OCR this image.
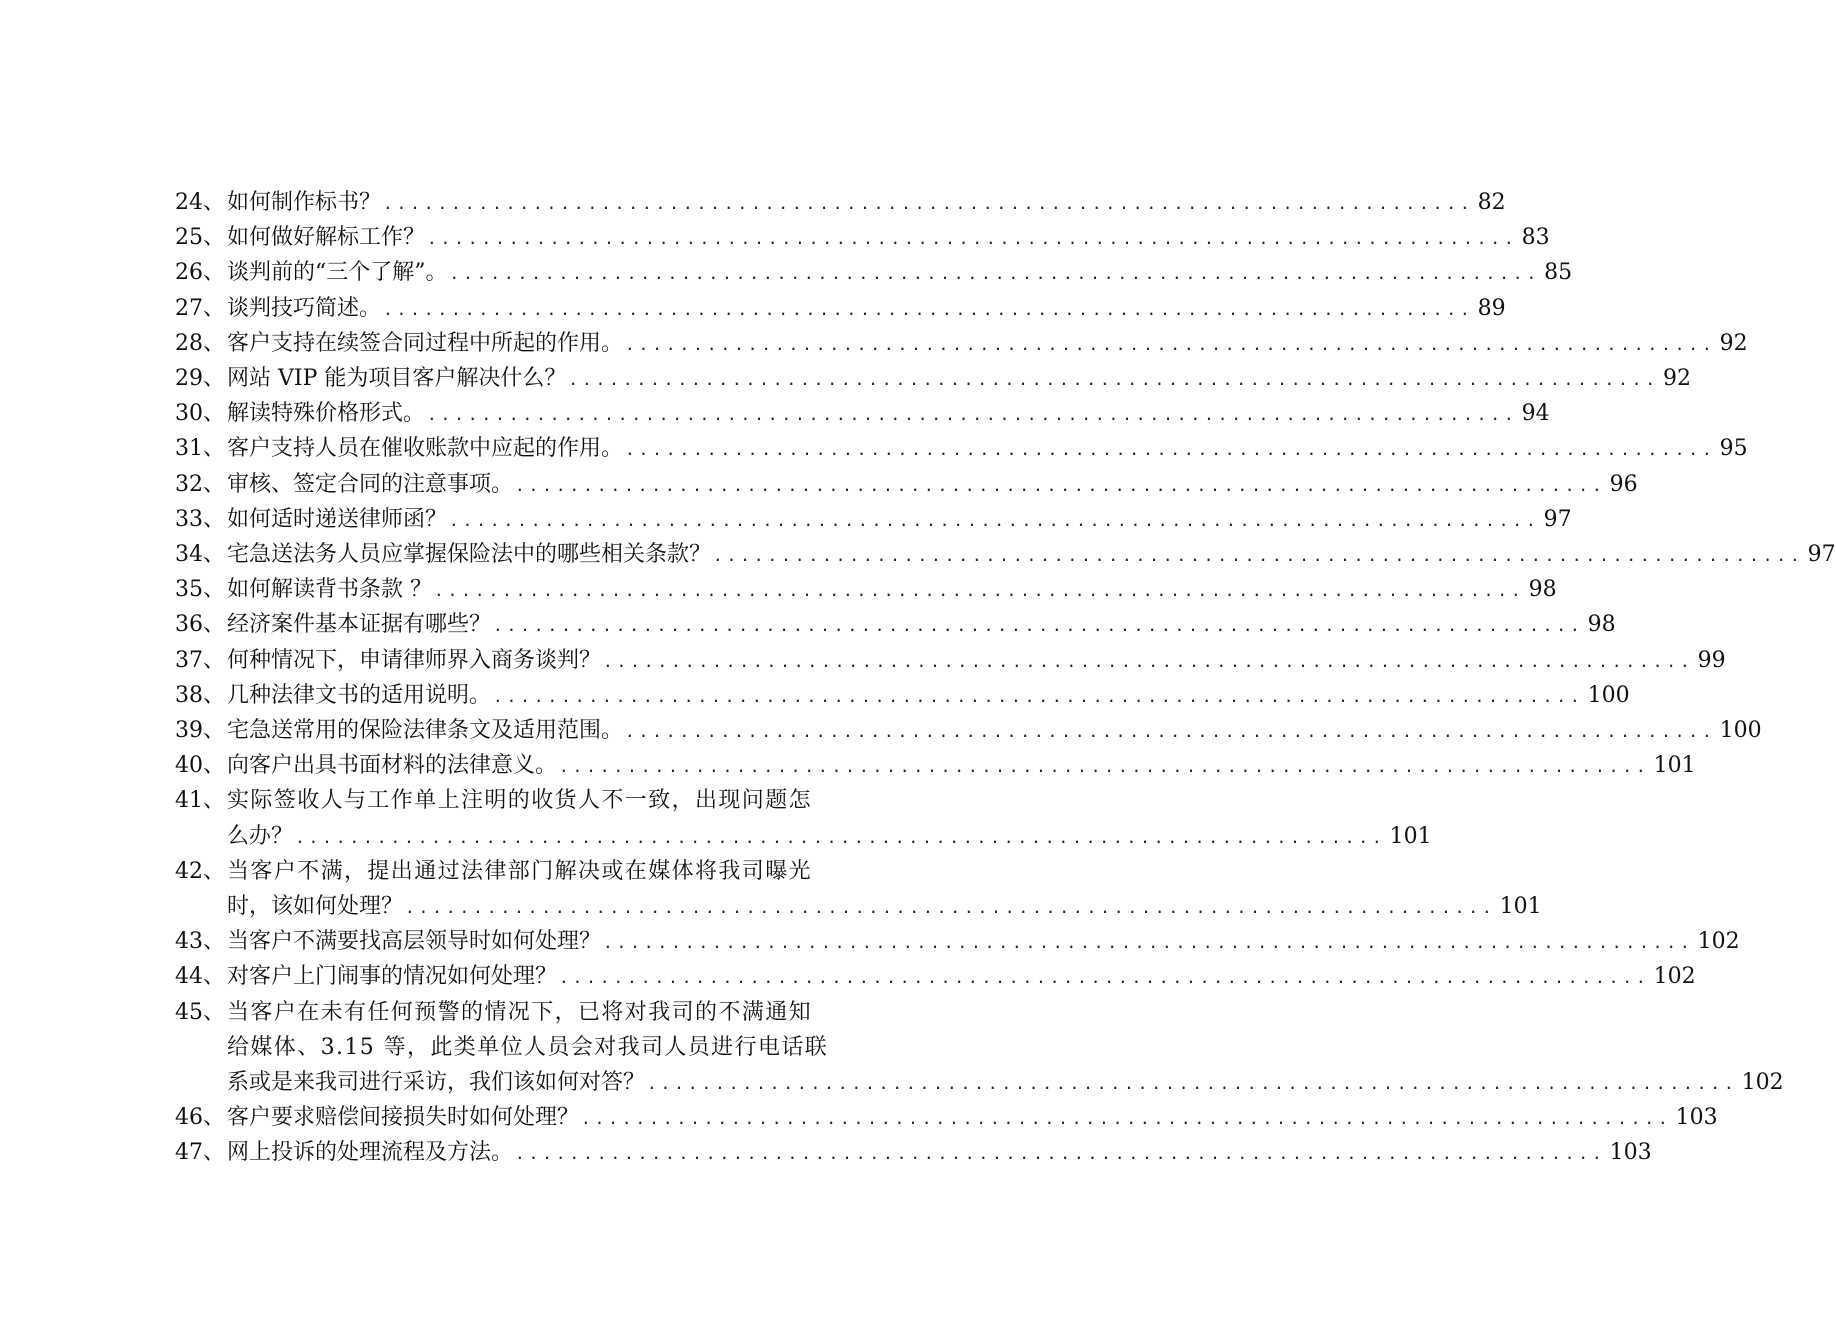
24、 如何制作标书？ ................................................................................ 82
25、 如何做好解标工作？ ................................................................................ 83
26、 谈判前的“三个了解”。 ................................................................................ 85
27、 谈判技巧简述。 ................................................................................ 89
28、 客户支持在续签合同过程中所起的作用。 ................................................................................ 92
29、 网站 VIP 能为项目客户解决什么？ ................................................................................ 92
30、 解读特殊价格形式。 ................................................................................ 94
31、 客户支持人员在催收账款中应起的作用。 ................................................................................ 95
32、 审核、签定合同的注意事项。 ................................................................................ 96
33、 如何适时递送律师函？ ................................................................................ 97
34、 宅急送法务人员应掌握保险法中的哪些相关条款？ ................................................................................ 97
35、 如何解读背书条款 ？ ................................................................................ 98
36、 经济案件基本证据有哪些？ ................................................................................ 98
37、 何种情况下，申请律师界入商务谈判？ ................................................................................ 99
38、 几种法律文书的适用说明。 ................................................................................ 100
39、 宅急送常用的保险法律条文及适用范围。 ................................................................................ 100
40、 向客户出具书面材料的法律意义。 ................................................................................ 101
41、 实际签收人与工作单上注明的收货人不一致，出现问题怎
么办？ ................................................................................ 101
42、 当客户不满，提出通过法律部门解决或在媒体将我司曝光
时，该如何处理？ ................................................................................ 101
43、 当客户不满要找高层领导时如何处理？ ................................................................................ 102
44、 对客户上门闹事的情况如何处理？ ................................................................................ 102
45、 当客户在未有任何预警的情况下，已将对我司的不满通知
给媒体、3.15 等，此类单位人员会对我司人员进行电话联
系或是来我司进行采访，我们该如何对答？ ................................................................................ 102
46、 客户要求赔偿间接损失时如何处理？ ................................................................................ 103
47、 网上投诉的处理流程及方法。 ................................................................................ 103
